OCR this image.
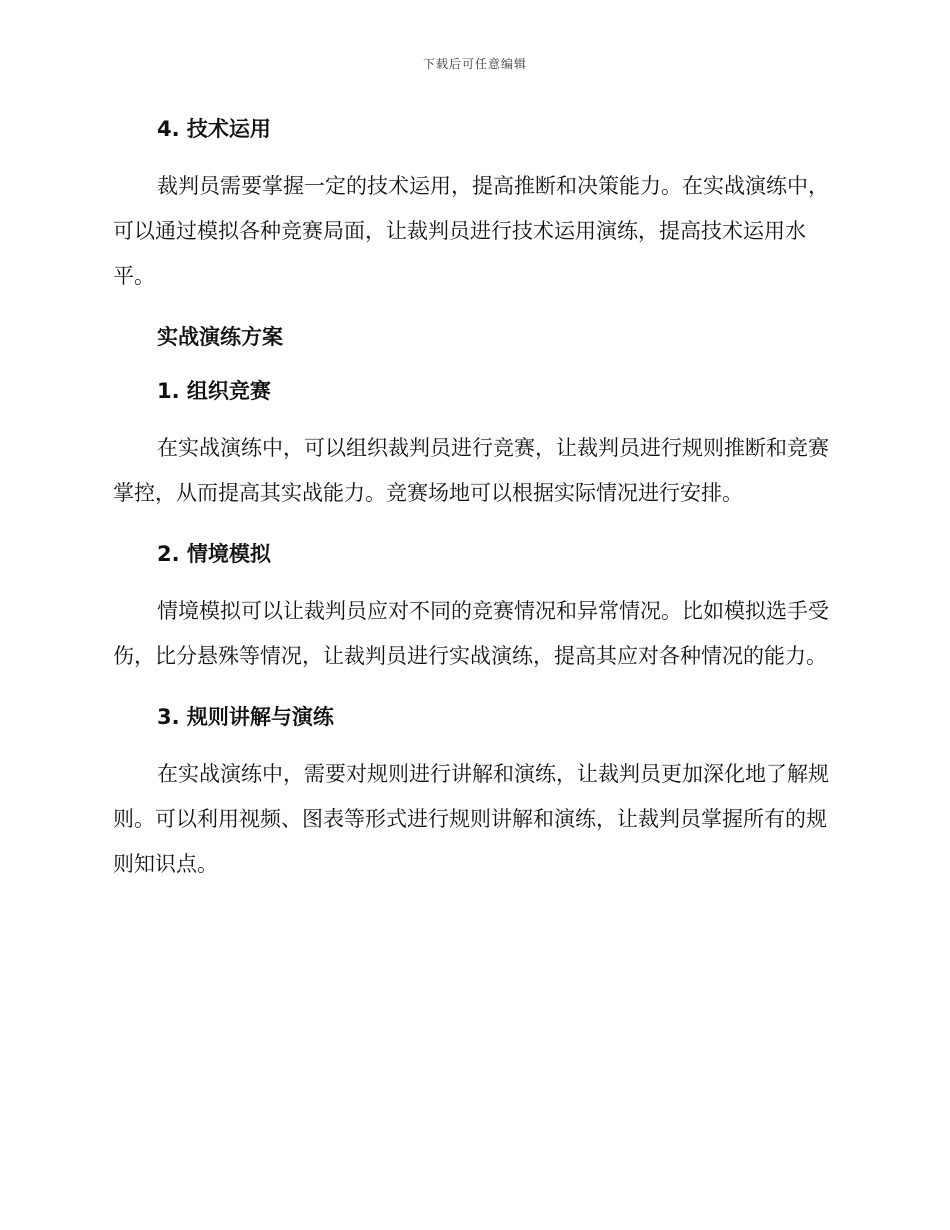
下载后可任意编辑
4. 技术运用

裁判员需要掌握一定的技术运用，提高推断和决策能力。在实战演练中，可以通过模拟各种竞赛局面，让裁判员进行技术运用演练，提高技术运用水平。

实战演练方案
1. 组织竞赛

在实战演练中，可以组织裁判员进行竞赛，让裁判员进行规则推断和竞赛掌控，从而提高其实战能力。竞赛场地可以根据实际情况进行安排。

2. 情境模拟

情境模拟可以让裁判员应对不同的竞赛情况和异常情况。比如模拟选手受伤，比分悬殊等情况，让裁判员进行实战演练，提高其应对各种情况的能力。

3. 规则讲解与演练

在实战演练中，需要对规则进行讲解和演练，让裁判员更加深化地了解规则。可以利用视频、图表等形式进行规则讲解和演练，让裁判员掌握所有的规则知识点。
